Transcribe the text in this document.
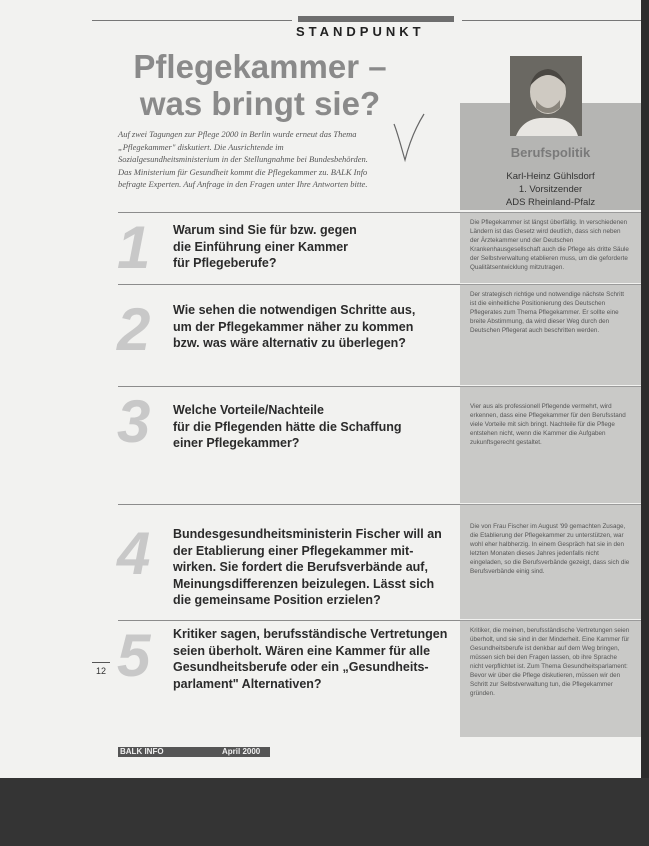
STANDPUNKT
Pflegekammer –
was bringt sie?
Auf zwei Tagungen zur Pflege 2000 in Berlin wurde erneut das Thema „Pflegekammer" diskutiert. Die Ausrichtende im Sozialgesundheitsministerium in der Stellungnahme bei Bundesbehörden. Das Ministerium für Gesundheit kommt die Pflegekammer zu. BALK Info befragte Experten. Auf Anfrage in den Fragen unter Ihre Antworten bitte.
Berufspolitik
Karl-Heinz Gühlsdorf
1. Vorsitzender
ADS Rheinland-Pfalz
1 Warum sind Sie für bzw. gegen
die Einführung einer Kammer
für Pflegeberufe?
Die Pflegekammer ist längst überfällig. In verschiedenen Ländern ist das Gesetz wird deutlich, dass sich neben der Ärztekammer und der Deutschen Krankenhausgesellschaft auch die Pflege als dritte Säule der Selbstverwaltung etablieren muss, um die geforderte Qualitätsentwicklung mitzutragen.
2 Wie sehen die notwendigen Schritte aus,
um der Pflegekammer näher zu kommen
bzw. was wäre alternativ zu überlegen?
Der strategisch richtige und notwendige nächste Schritt ist die einheitliche Positionierung des Deutschen Pflegerates zum Thema Pflegekammer. Er sollte eine breite Abstimmung, da wird dieser Weg durch den Deutschen Pflegerat auch beschritten werden.
3 Welche Vorteile/Nachteile
für die Pflegenden hätte die Schaffung
einer Pflegekammer?
Vier aus als professionell Pflegende vermehrt, wird erkennen, dass eine Pflegekammer für den Berufsstand viele Vorteile mit sich bringt. Nachteile für die Pflege entstehen nicht, wenn die Kammer die Aufgaben zukunftsgerecht gestaltet.
4 Bundesgesundheitsministerin Fischer will an
der Etablierung einer Pflegekammer mit-
wirken. Sie fordert die Berufsverbände auf,
Meinungsdifferenzen beizulegen. Lässt sich
die gemeinsame Position erzielen?
Die von Frau Fischer im August '99 gemachten Zusage, die Etablierung der Pflegekammer zu unterstützen, war wohl eher halbherzig. In einem Gespräch hat sie in den letzten Monaten dieses Jahres jedenfalls nicht eingeladen, so die Berufsverbände gezeigt, dass sich die Berufsverbände einig sind.
5 Kritiker sagen, berufsständische Vertretungen
seien überholt. Wären eine Kammer für alle
Gesundheitsberufe oder ein „Gesundheits-
parlament" Alternativen?
Kritiker, die meinen, berufsständische Vertretungen seien überholt, und sie sind in der Minderheit. Eine Kammer für Gesundheitsberufe ist denkbar auf dem Weg bringen, müssen sich bei den Fragen lassen, ob ihre Sprache nicht verpflichtet ist. Zum Thema Gesundheitsparlament: Bevor wir über die Pflege diskutieren, müssen wir den Schritt zur Selbstverwaltung tun, die Pflegekammer gründen.
12
BALK INFO	April 2000
